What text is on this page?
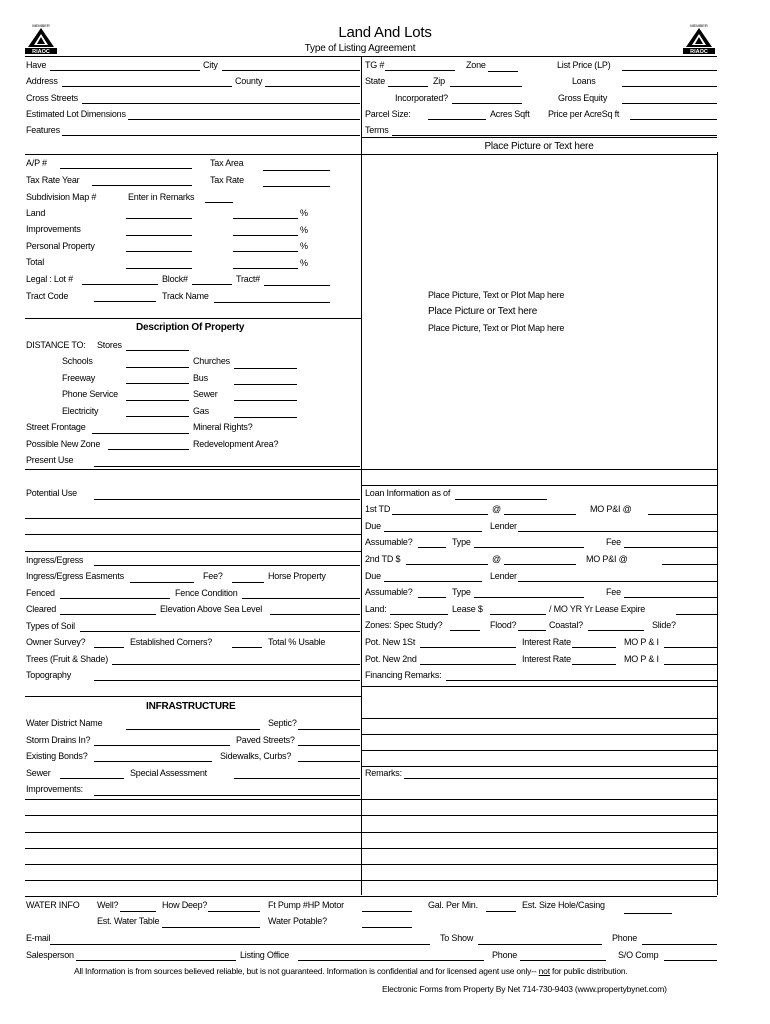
MEMBER
RIAOC
MEMBER
RIAOC
Land And Lots
Type of Listing Agreement
Have	City
Address	County
Cross Streets
Estimated Lot Dimensions
Features
A/P #	Tax Area
Tax Rate Year	Tax Rate
Subdivision Map #	Enter in Remarks
Land	%
Improvements	%
Personal Property	%
Total	%
Legal : Lot #	Block#	Tract#
Tract Code	Track Name
Description Of Property
DISTANCE TO: Stores
Schools	Churches
Freeway	Bus
Phone Service	Sewer
Electricity	Gas
Street Frontage	Mineral Rights?
Possible New Zone	Redevelopment Area?
Present Use
Potential Use
Ingress/Egress
Ingress/Egress Easments	Fee?	Horse Property
Fenced	Fence Condition
Cleared	Elevation Above Sea Level
Types of Soil
Owner Survey?	Established Corners?	Total % Usable
Trees (Fruit & Shade)
Topography
INFRASTRUCTURE
Water District Name	Septic?
Storm Drains In?	Paved Streets?
Existing Bonds?	Sidewalks, Curbs?
Sewer	Special Assessment
Improvements:
TG #	Zone	List Price (LP)
State	Zip	Loans
Incorporated?	Gross Equity
Parcel Size:	Acres Sqft Price per AcreSq ft
Terms
Place Picture or Text here
Place Picture, Text or Plot Map here
Place Picture or Text here
Place Picture, Text or Plot Map here
Loan Information as of
1st TD	@	MO P&I @
Due	Lender
Assumable?	Type	Fee
2nd TD $	@	MO P&I @
Due	Lender
Assumable?	Type	Fee
Land:	Lease $	/ MO YR Yr Lease Expire
Zones: Spec Study?	Flood?	Coastal?	Slide?
Pot. New 1St	Interest Rate	MO P & I
Pot. New 2nd	Interest Rate	MO P & I
Financing Remarks:
Remarks:
WATER INFO Well?	How Deep?	Ft Pump #HP Motor	Gal. Per Min.	Est. Size Hole/Casing
Est. Water Table	Water Potable?
E-mail	To Show	Phone
Salesperson	Listing Office	Phone	S/O Comp
All Information is from sources believed reliable, but is not guaranteed. Information is confidential and for licensed agent use only-- not for public distribution.
Electronic Forms from Property By Net 714-730-9403 (www.propertybynet.com)
